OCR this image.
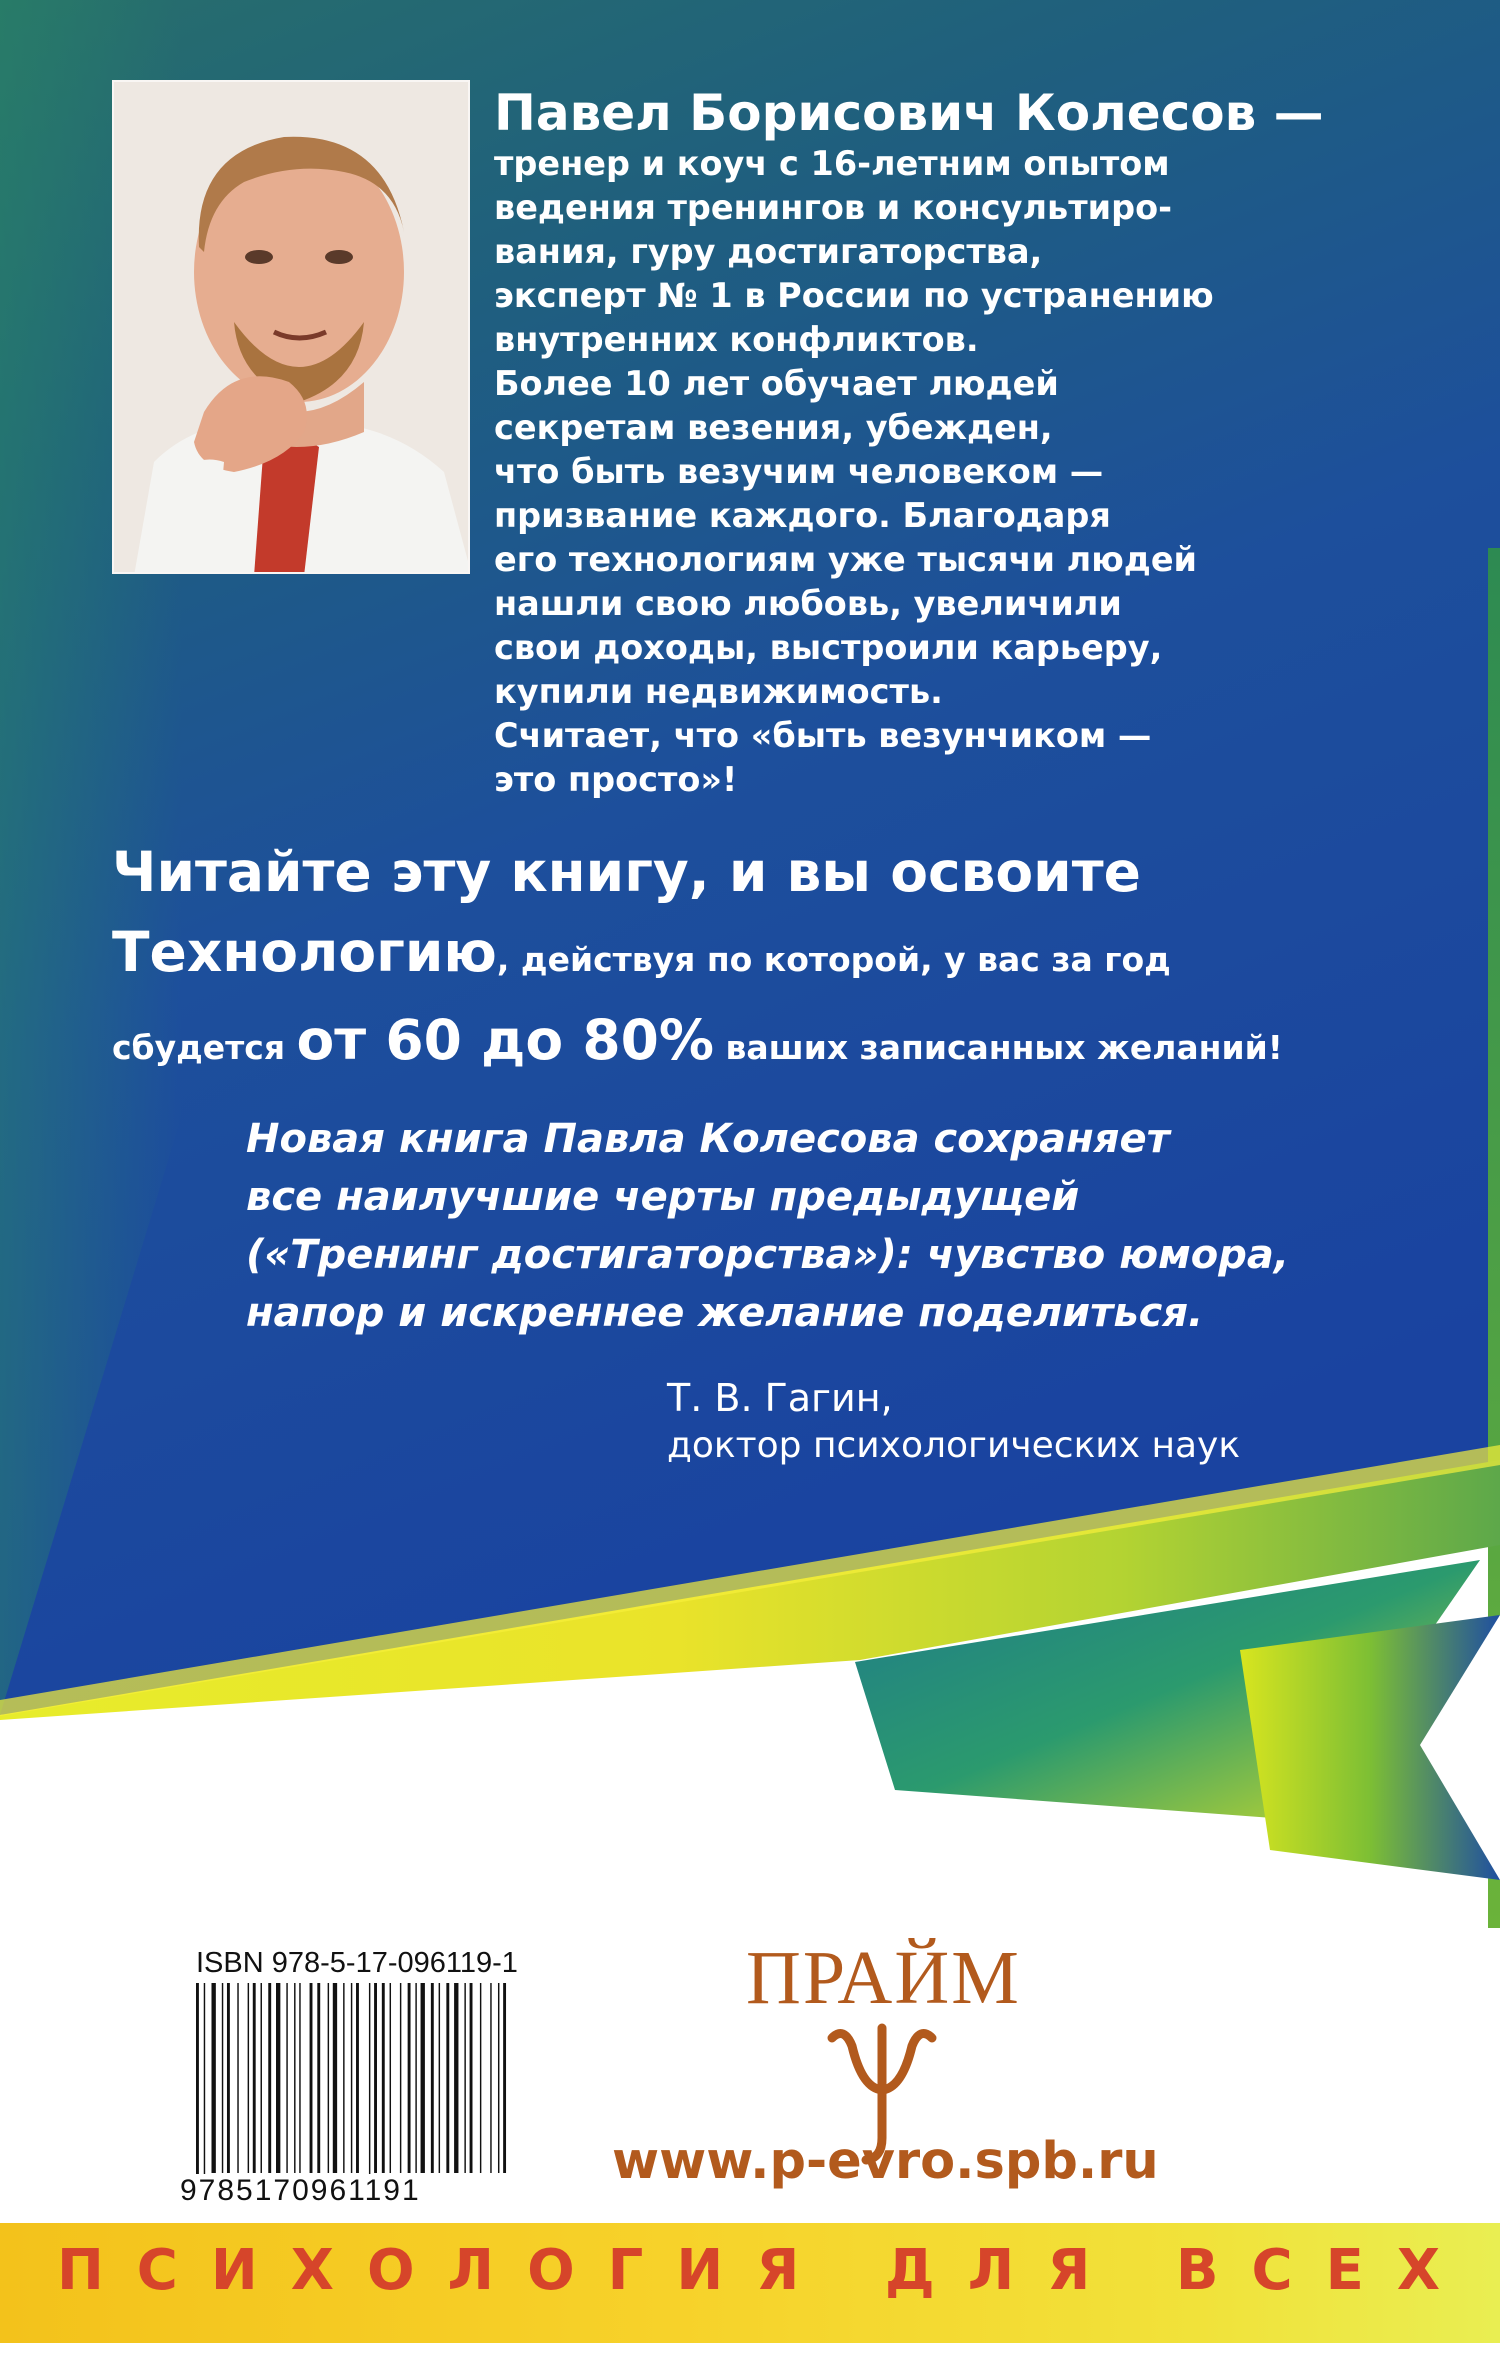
Павел Борисович Колесов —
тренер и коуч с 16-летним опытом
ведения тренингов и консультиро-
вания, гуру достигаторства,
эксперт № 1 в России по устранению
внутренних конфликтов.
Более 10 лет обучает людей
секретам везения, убежден,
что быть везучим человеком —
призвание каждого. Благодаря
его технологиям уже тысячи людей
нашли свою любовь, увеличили
свои доходы, выстроили карьеру,
купили недвижимость.
Считает, что «быть везунчиком —
это просто»!
Читайте эту книгу, и вы освоите
Технологию, действуя по которой, у вас за год
сбудется от 60 до 80% ваших записанных желаний!
Новая книга Павла Колесова сохраняет
все наилучшие черты предыдущей
(«Тренинг достигаторства»): чувство юмора,
напор и искреннее желание поделиться.
Т. В. Гагин,
доктор психологических наук
ISBN 978-5-17-096119-1
9785170961191
ПРАЙМ
www.p-evro.spb.ru
ПСИХОЛОГИЯ ДЛЯ ВСЕХ
